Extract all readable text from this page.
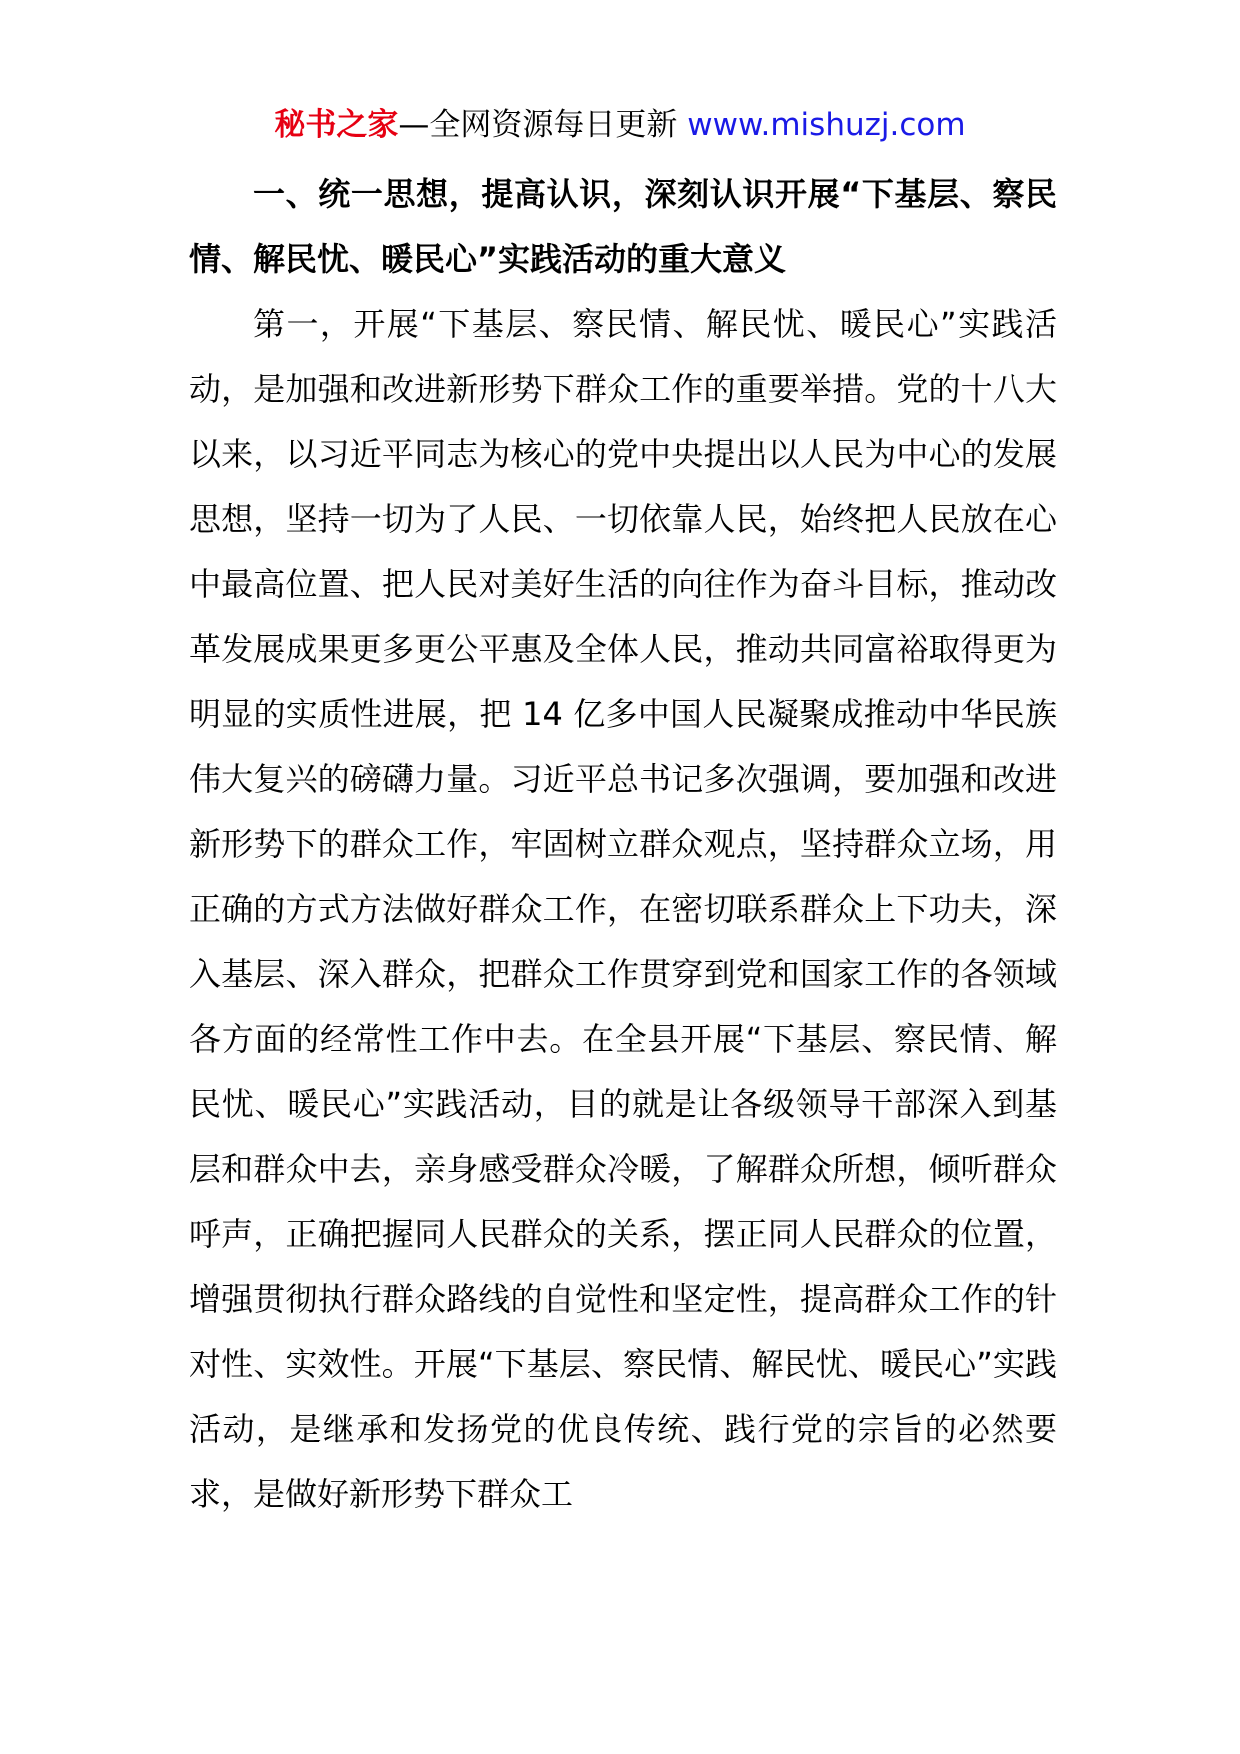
秘书之家—全网资源每日更新 www.mishuzj.com

一、统一思想，提高认识，深刻认识开展“下基层、察民情、解民忧、暖民心”实践活动的重大意义

第一，开展“下基层、察民情、解民忧、暖民心”实践活动，是加强和改进新形势下群众工作的重要举措。党的十八大以来，以习近平同志为核心的党中央提出以人民为中心的发展思想，坚持一切为了人民、一切依靠人民，始终把人民放在心中最高位置、把人民对美好生活的向往作为奋斗目标，推动改革发展成果更多更公平惠及全体人民，推动共同富裕取得更为明显的实质性进展，把 14 亿多中国人民凝聚成推动中华民族伟大复兴的磅礴力量。习近平总书记多次强调，要加强和改进新形势下的群众工作，牢固树立群众观点，坚持群众立场，用正确的方式方法做好群众工作，在密切联系群众上下功夫，深入基层、深入群众，把群众工作贯穿到党和国家工作的各领域各方面的经常性工作中去。在全县开展“下基层、察民情、解民忧、暖民心”实践活动，目的就是让各级领导干部深入到基层和群众中去，亲身感受群众冷暖，了解群众所想，倾听群众呼声，正确把握同人民群众的关系，摆正同人民群众的位置，增强贯彻执行群众路线的自觉性和坚定性，提高群众工作的针对性、实效性。开展“下基层、察民情、解民忧、暖民心”实践活动，是继承和发扬党的优良传统、践行党的宗旨的必然要求，是做好新形势下群众工
